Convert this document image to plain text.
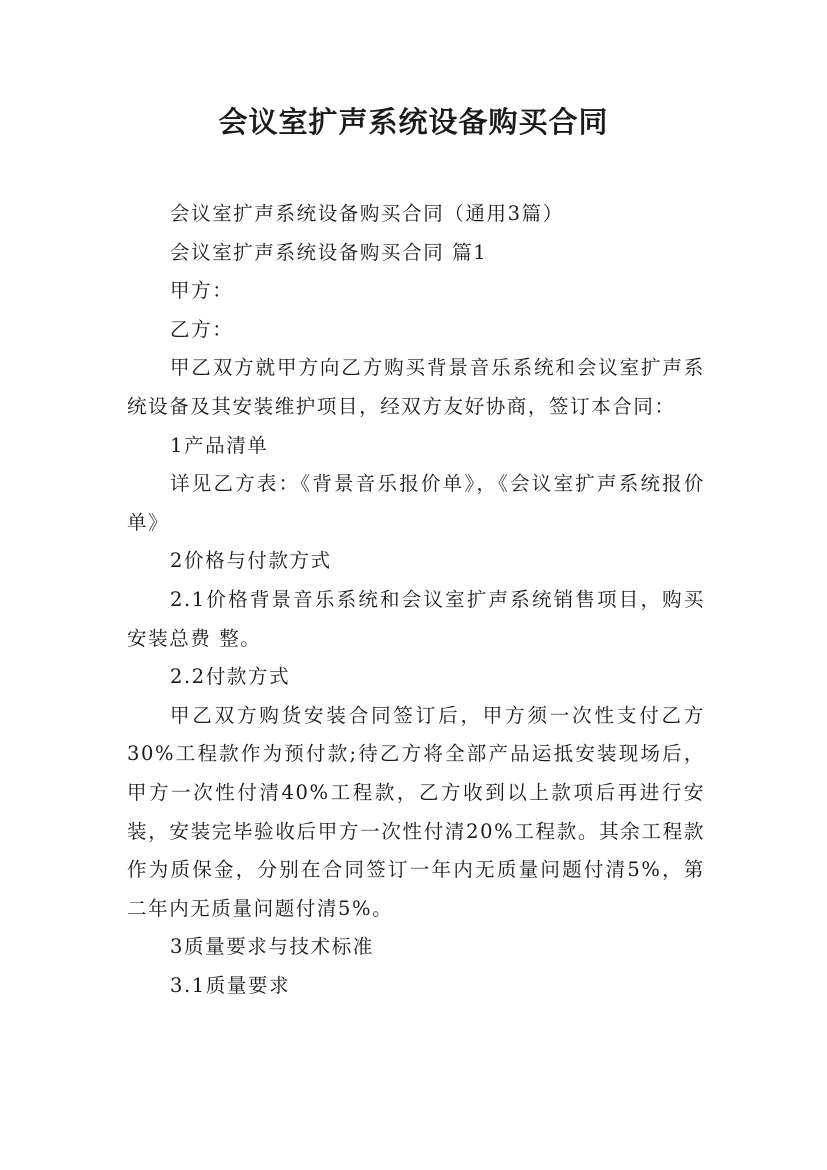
会议室扩声系统设备购买合同

会议室扩声系统设备购买合同（通用3篇）

会议室扩声系统设备购买合同 篇1

甲方：

乙方：

甲乙双方就甲方向乙方购买背景音乐系统和会议室扩声系统设备及其安装维护项目，经双方友好协商，签订本合同：

1产品清单

详见乙方表：《背景音乐报价单》，《会议室扩声系统报价单》

2价格与付款方式

2.1价格背景音乐系统和会议室扩声系统销售项目，购买安装总费 整。

2.2付款方式

甲乙双方购货安装合同签订后，甲方须一次性支付乙方30%工程款作为预付款;待乙方将全部产品运抵安装现场后，甲方一次性付清40%工程款，乙方收到以上款项后再进行安装，安装完毕验收后甲方一次性付清20%工程款。其余工程款作为质保金，分别在合同签订一年内无质量问题付清5%，第二年内无质量问题付清5%。

3质量要求与技术标准

3.1质量要求
